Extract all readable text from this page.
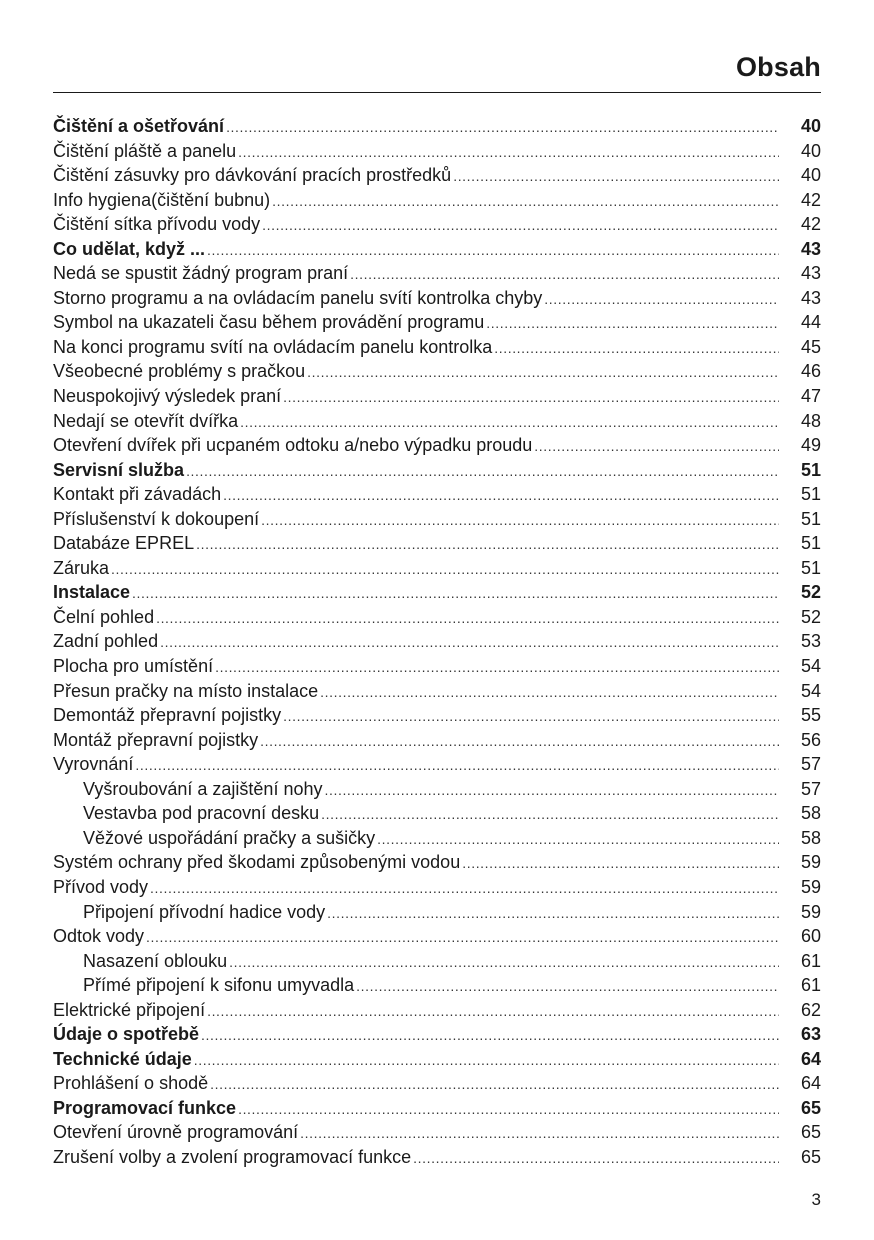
Obsah
Čištění a ošetřování .....	40
Čištění pláště a panelu .....	40
Čištění zásuvky pro dávkování pracích prostředků .....	40
Info hygiena(čištění bubnu) .....	42
Čištění sítka přívodu vody .....	42
Co udělat, když ... .....	43
Nedá se spustit žádný program praní .....	43
Storno programu a na ovládacím panelu svítí kontrolka chyby .....	43
Symbol na ukazateli času během provádění programu .....	44
Na konci programu svítí na ovládacím panelu kontrolka .....	45
Všeobecné problémy s pračkou .....	46
Neuspokojivý výsledek praní .....	47
Nedají se otevřít dvířka .....	48
Otevření dvířek při ucpaném odtoku a/nebo výpadku proudu .....	49
Servisní služba .....	51
Kontakt při závadách .....	51
Příslušenství k dokoupení .....	51
Databáze EPREL .....	51
Záruka .....	51
Instalace .....	52
Čelní pohled .....	52
Zadní pohled .....	53
Plocha pro umístění .....	54
Přesun pračky na místo instalace .....	54
Demontáž přepravní pojistky .....	55
Montáž přepravní pojistky .....	56
Vyrovnání .....	57
Vyšroubování a zajištění nohy .....	57
Vestavba pod pracovní desku .....	58
Věžové uspořádání pračky a sušičky .....	58
Systém ochrany před škodami způsobenými vodou .....	59
Přívod vody .....	59
Připojení přívodní hadice vody .....	59
Odtok vody .....	60
Nasazení oblouku .....	61
Přímé připojení k sifonu umyvadla .....	61
Elektrické připojení .....	62
Údaje o spotřebě .....	63
Technické údaje .....	64
Prohlášení o shodě .....	64
Programovací funkce .....	65
Otevření úrovně programování .....	65
Zrušení volby a zvolení programovací funkce .....	65
3
